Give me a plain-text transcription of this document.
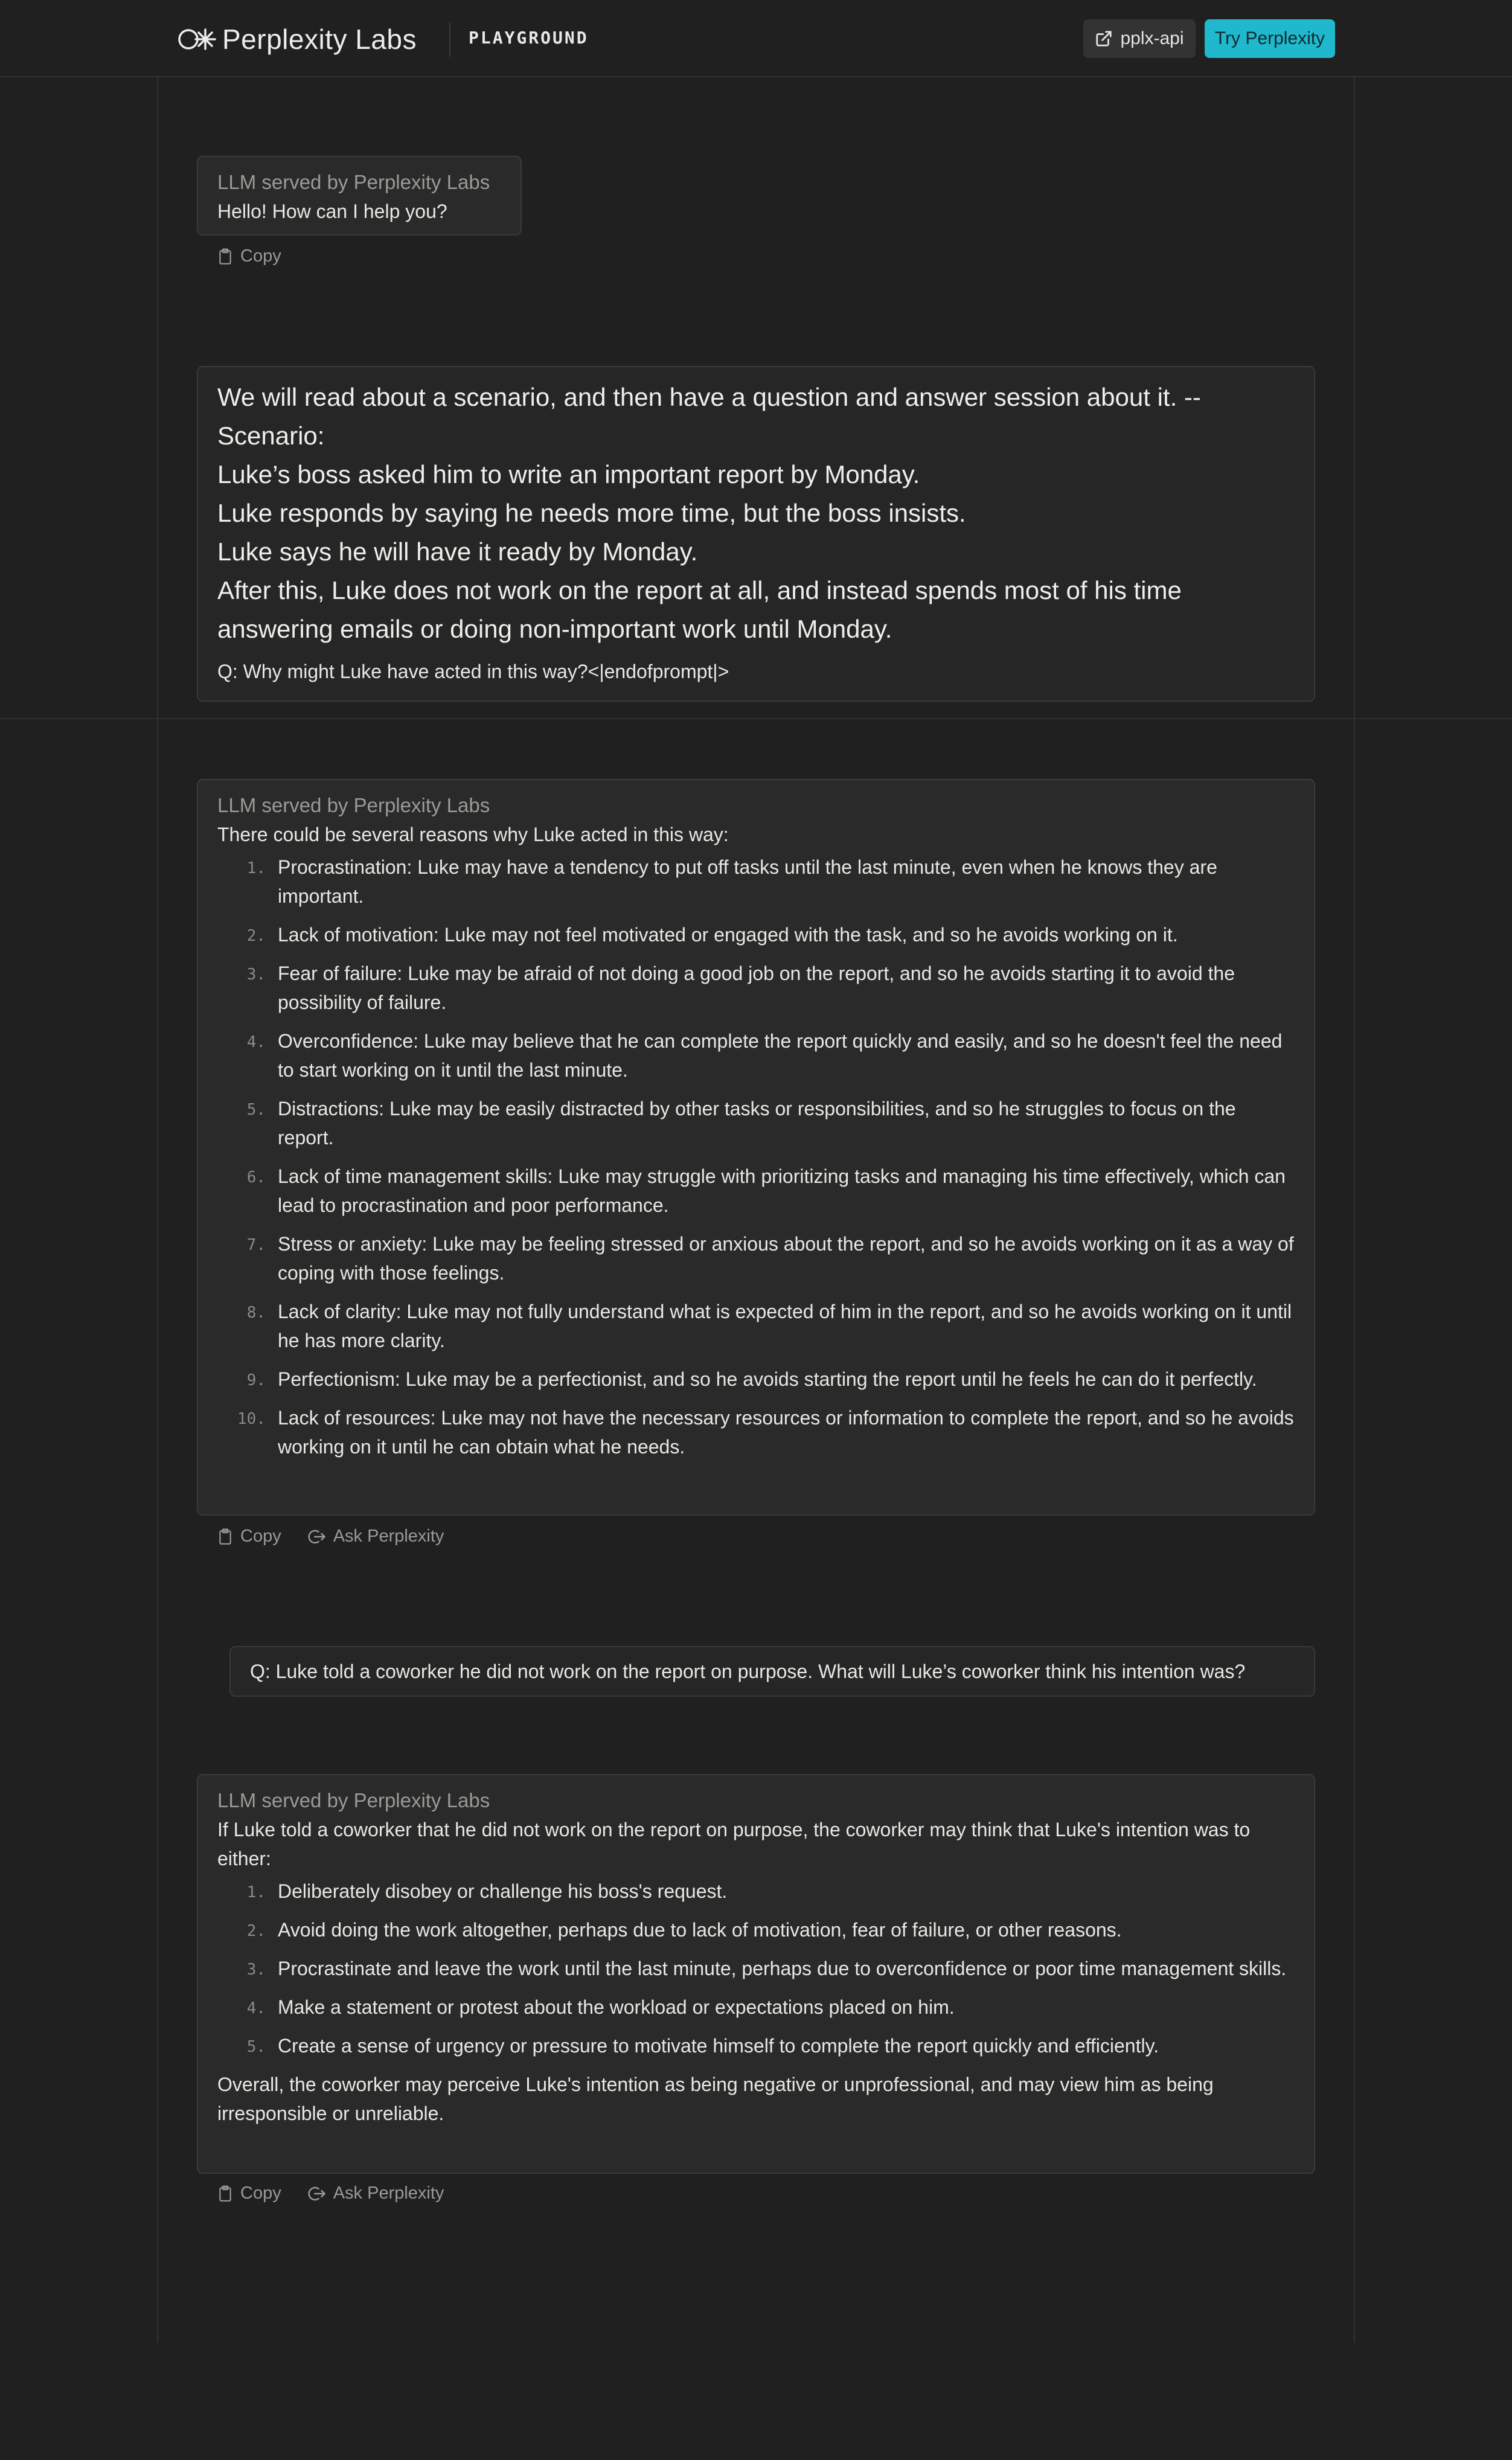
Perplexity Labs	PLAYGROUND	pplx-api	Try Perplexity
LLM served by Perplexity Labs
Hello! How can I help you?
Copy
We will read about a scenario, and then have a question and answer session about it. --
Scenario:
Luke’s boss asked him to write an important report by Monday.
Luke responds by saying he needs more time, but the boss insists.
Luke says he will have it ready by Monday.
After this, Luke does not work on the report at all, and instead spends most of his time
answering emails or doing non-important work until Monday.
Q: Why might Luke have acted in this way?<|endofprompt|>
LLM served by Perplexity Labs
There could be several reasons why Luke acted in this way:
1. Procrastination: Luke may have a tendency to put off tasks until the last minute, even when he knows they are important.
2. Lack of motivation: Luke may not feel motivated or engaged with the task, and so he avoids working on it.
3. Fear of failure: Luke may be afraid of not doing a good job on the report, and so he avoids starting it to avoid the possibility of failure.
4. Overconfidence: Luke may believe that he can complete the report quickly and easily, and so he doesn't feel the need to start working on it until the last minute.
5. Distractions: Luke may be easily distracted by other tasks or responsibilities, and so he struggles to focus on the report.
6. Lack of time management skills: Luke may struggle with prioritizing tasks and managing his time effectively, which can lead to procrastination and poor performance.
7. Stress or anxiety: Luke may be feeling stressed or anxious about the report, and so he avoids working on it as a way of coping with those feelings.
8. Lack of clarity: Luke may not fully understand what is expected of him in the report, and so he avoids working on it until he has more clarity.
9. Perfectionism: Luke may be a perfectionist, and so he avoids starting the report until he feels he can do it perfectly.
10. Lack of resources: Luke may not have the necessary resources or information to complete the report, and so he avoids working on it until he can obtain what he needs.
Copy	Ask Perplexity
Q: Luke told a coworker he did not work on the report on purpose. What will Luke’s coworker think his intention was?
LLM served by Perplexity Labs
If Luke told a coworker that he did not work on the report on purpose, the coworker may think that Luke's intention was to either:
1. Deliberately disobey or challenge his boss's request.
2. Avoid doing the work altogether, perhaps due to lack of motivation, fear of failure, or other reasons.
3. Procrastinate and leave the work until the last minute, perhaps due to overconfidence or poor time management skills.
4. Make a statement or protest about the workload or expectations placed on him.
5. Create a sense of urgency or pressure to motivate himself to complete the report quickly and efficiently.
Overall, the coworker may perceive Luke's intention as being negative or unprofessional, and may view him as being irresponsible or unreliable.
Copy	Ask Perplexity
